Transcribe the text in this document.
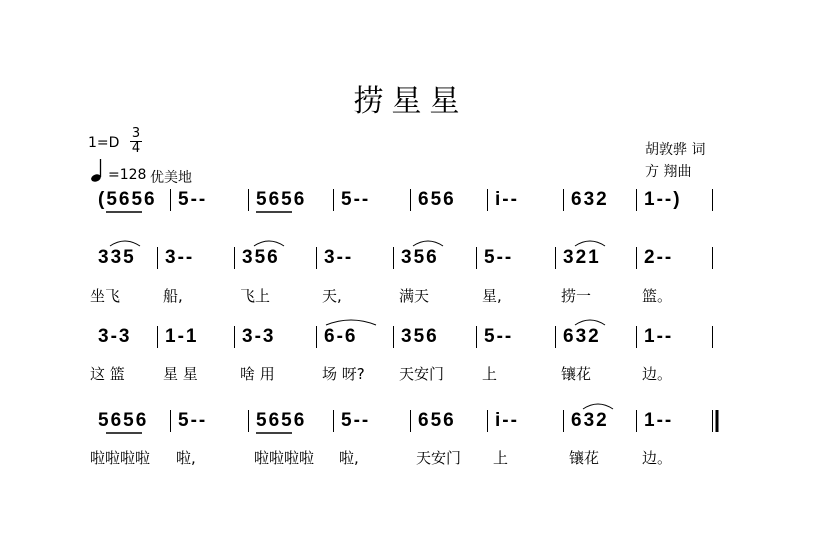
捞星星
$1=D \frac{3}{4}$
=128 优美地
胡敦骅 词
方 翔曲
(5656 5--	5656 5--	656 i--	632 1--)
335 3--	356 3--	356 5--	321 2--
坐飞	船,	飞上	天,	满天	星,	捞一	篮。
3-3 1-1 3-3	6-6 356 5--	632 1--
这 篮	星 星	啥 用	场 呀? 天安门	上	镶花	边。
5656 5--	5656 5--	656 i--	632 1--
啦啦啦啦 啦,	啦啦啦啦 啦,	天安门 上	镶花	边。
